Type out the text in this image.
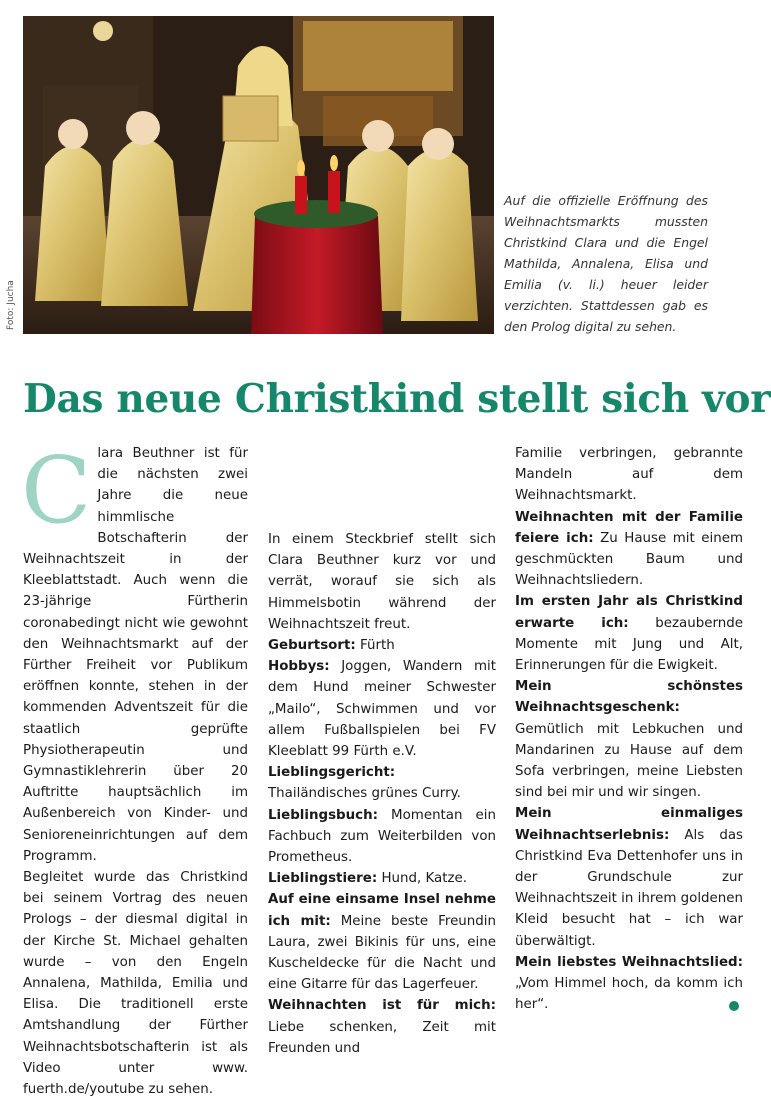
Foto: Jucha
Auf die offizielle Eröffnung des Weihnachtsmarkts mussten Christkind Clara und die Engel Mathilda, Annalena, Elisa und Emilia (v. li.) heuer leider verzichten. Stattdessen gab es den Prolog digital zu sehen.
Das neue Christkind stellt sich vor
C lara Beuthner ist für die nächsten zwei Jahre die neue himmlische Botschafterin der Weihnachtszeit in der Kleeblattstadt. Auch wenn die 23-jährige Fürtherin coronabedingt nicht wie gewohnt den Weihnachtsmarkt auf der Fürther Freiheit vor Publikum eröffnen konnte, stehen in der kommenden Adventszeit für die staatlich geprüfte Physiotherapeutin und Gymnastiklehrerin über 20 Auftritte hauptsächlich im Außenbereich von Kinder- und Senioreneinrichtungen auf dem Programm.

Begleitet wurde das Christkind bei seinem Vortrag des neuen Prologs – der diesmal digital in der Kirche St. Michael gehalten wurde – von den Engeln Annalena, Mathilda, Emilia und Elisa. Die traditionell erste Amtshandlung der Fürther Weihnachtsbotschafterin ist als Video unter www. fuerth.de/youtube zu sehen.

In einem Steckbrief stellt sich Clara Beuthner kurz vor und verrät, worauf sie sich als Himmelsbotin während der Weihnachtszeit freut.

Geburtsort: Fürth

Hobbys: Joggen, Wandern mit dem Hund meiner Schwester „Mailo“, Schwimmen und vor allem Fußballspielen bei FV Kleeblatt 99 Fürth e.V.

Lieblingsgericht: Thailändisches grünes Curry.

Lieblingsbuch: Momentan ein Fachbuch zum Weiterbilden von Prometheus.

Lieblingstiere: Hund, Katze.

Auf eine einsame Insel nehme ich mit: Meine beste Freundin Laura, zwei Bikinis für uns, eine Kuscheldecke für die Nacht und eine Gitarre für das Lagerfeuer.

Weihnachten ist für mich: Liebe schenken, Zeit mit Freunden und

Familie verbringen, gebrannte Mandeln auf dem Weihnachtsmarkt.

Weihnachten mit der Familie feiere ich: Zu Hause mit einem geschmückten Baum und Weihnachtsliedern.

Im ersten Jahr als Christkind erwarte ich: bezaubernde Momente mit Jung und Alt, Erinnerungen für die Ewigkeit.

Mein schönstes Weihnachtsgeschenk: Gemütlich mit Lebkuchen und Mandarinen zu Hause auf dem Sofa verbringen, meine Liebsten sind bei mir und wir singen.

Mein einmaliges Weihnachtserlebnis: Als das Christkind Eva Dettenhofer uns in der Grundschule zur Weihnachtszeit in ihrem goldenen Kleid besucht hat – ich war überwältigt.

Mein liebstes Weihnachtslied: „Vom Himmel hoch, da komm ich her“.
